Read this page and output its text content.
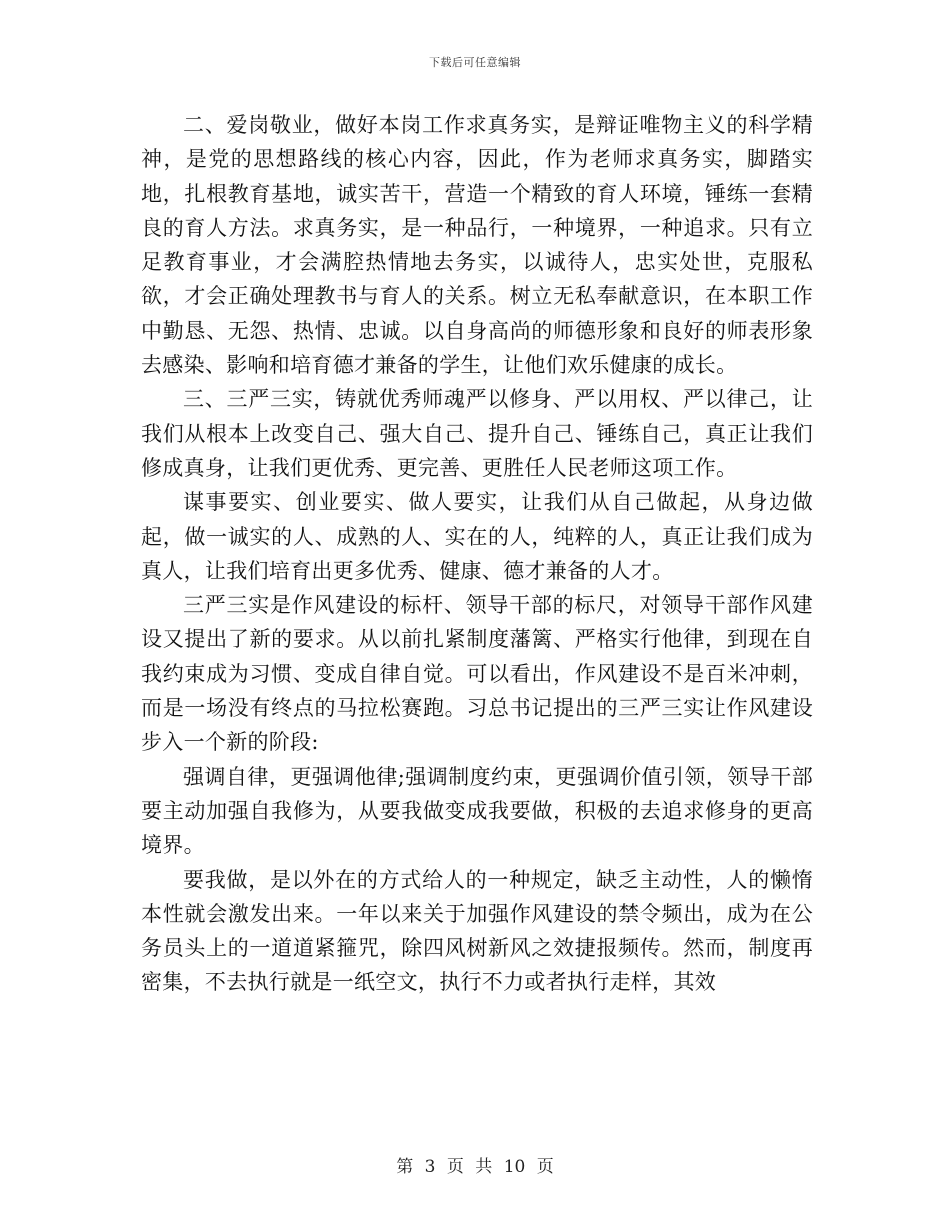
下载后可任意编辑

二、爱岗敬业，做好本岗工作求真务实，是辩证唯物主义的科学精神，是党的思想路线的核心内容，因此，作为老师求真务实，脚踏实地，扎根教育基地，诚实苦干，营造一个精致的育人环境，锤练一套精良的育人方法。求真务实，是一种品行，一种境界，一种追求。只有立足教育事业，才会满腔热情地去务实，以诚待人，忠实处世，克服私欲，才会正确处理教书与育人的关系。树立无私奉献意识，在本职工作中勤恳、无怨、热情、忠诚。以自身高尚的师德形象和良好的师表形象去感染、影响和培育德才兼备的学生，让他们欢乐健康的成长。

三、三严三实，铸就优秀师魂严以修身、严以用权、严以律己，让我们从根本上改变自己、强大自己、提升自己、锤练自己，真正让我们修成真身，让我们更优秀、更完善、更胜任人民老师这项工作。

谋事要实、创业要实、做人要实，让我们从自己做起，从身边做起，做一诚实的人、成熟的人、实在的人，纯粹的人，真正让我们成为真人，让我们培育出更多优秀、健康、德才兼备的人才。

三严三实是作风建设的标杆、领导干部的标尺，对领导干部作风建设又提出了新的要求。从以前扎紧制度藩篱、严格实行他律，到现在自我约束成为习惯、变成自律自觉。可以看出，作风建设不是百米冲刺，而是一场没有终点的马拉松赛跑。习总书记提出的三严三实让作风建设步入一个新的阶段:

强调自律，更强调他律;强调制度约束，更强调价值引领，领导干部要主动加强自我修为，从要我做变成我要做，积极的去追求修身的更高境界。

要我做，是以外在的方式给人的一种规定，缺乏主动性，人的懒惰本性就会激发出来。一年以来关于加强作风建设的禁令频出，成为在公务员头上的一道道紧箍咒，除四风树新风之效捷报频传。然而，制度再密集，不去执行就是一纸空文，执行不力或者执行走样，其效

第 3 页 共 10 页
